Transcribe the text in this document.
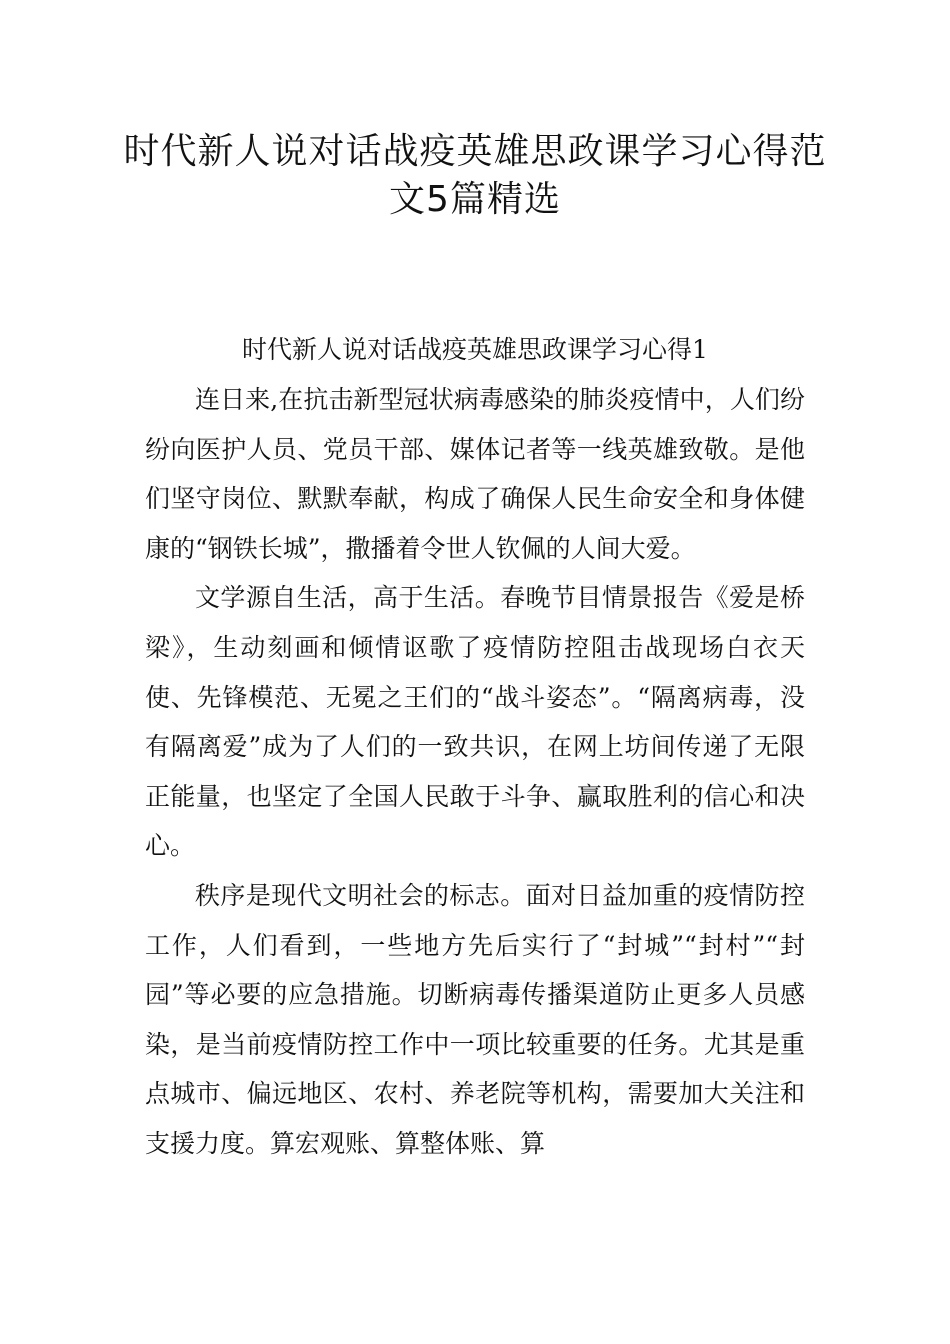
时代新人说对话战疫英雄思政课学习心得范文5篇精选
时代新人说对话战疫英雄思政课学习心得1

连日来,在抗击新型冠状病毒感染的肺炎疫情中，人们纷纷向医护人员、党员干部、媒体记者等一线英雄致敬。是他们坚守岗位、默默奉献，构成了确保人民生命安全和身体健康的“钢铁长城”，撒播着令世人钦佩的人间大爱。

文学源自生活，高于生活。春晚节目情景报告《爱是桥梁》，生动刻画和倾情讴歌了疫情防控阻击战现场白衣天使、先锋模范、无冕之王们的“战斗姿态”。“隔离病毒，没有隔离爱”成为了人们的一致共识，在网上坊间传递了无限正能量，也坚定了全国人民敢于斗争、赢取胜利的信心和决心。

秩序是现代文明社会的标志。面对日益加重的疫情防控工作，人们看到，一些地方先后实行了“封城”“封村”“封园”等必要的应急措施。切断病毒传播渠道防止更多人员感染，是当前疫情防控工作中一项比较重要的任务。尤其是重点城市、偏远地区、农村、养老院等机构，需要加大关注和支援力度。算宏观账、算整体账、算
